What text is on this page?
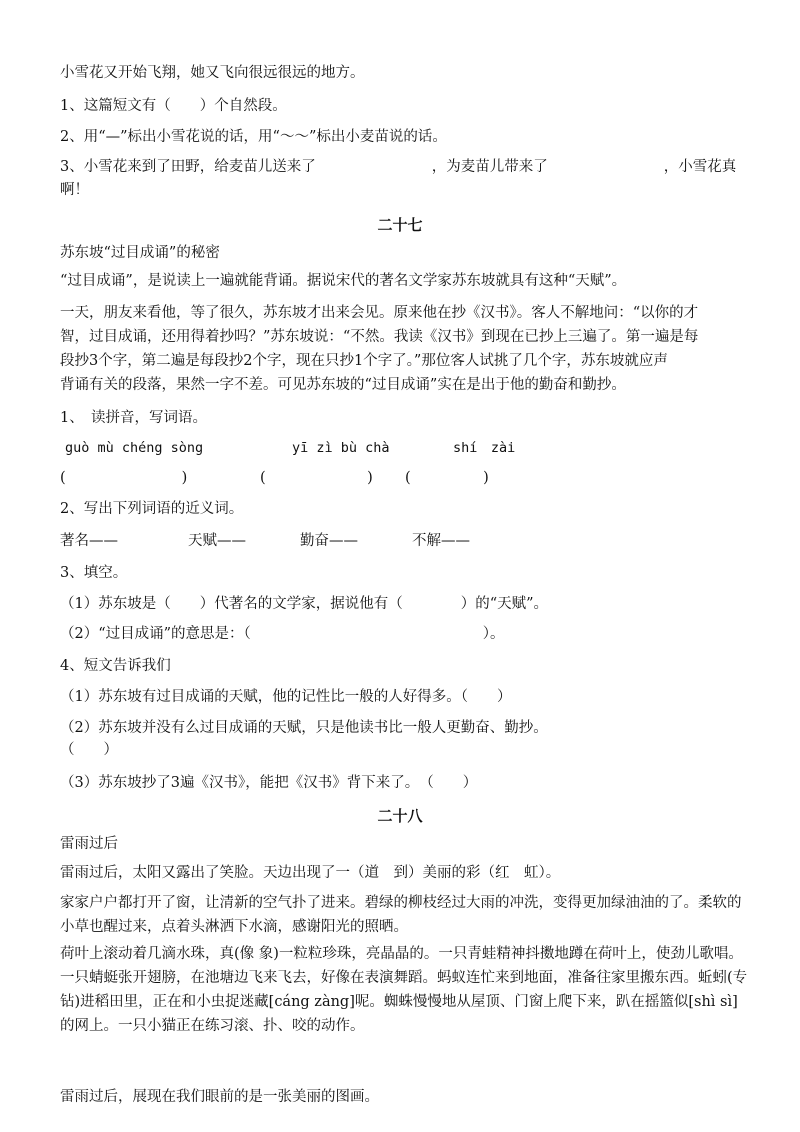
小雪花又开始飞翔，她又飞向很远很远的地方。
1、这篇短文有（　　）个自然段。
2、用“—”标出小雪花说的话，用“～～”标出小麦苗说的话。
3、小雪花来到了田野，给麦苗儿送来了　　　　　　　　，为麦苗儿带来了　　　　　　　　，小雪花真
啊！
二十七
苏东坡“过目成诵”的秘密
“过目成诵”，是说读上一遍就能背诵。据说宋代的著名文学家苏东坡就具有这种“天赋”。
一天，朋友来看他，等了很久，苏东坡才出来会见。原来他在抄《汉书》。客人不解地问：“以你的才
智，过目成诵，还用得着抄吗？”苏东坡说：“不然。我读《汉书》到现在已抄上三遍了。第一遍是每
段抄3个字，第二遍是每段抄2个字，现在只抄1个字了。”那位客人试挑了几个字，苏东坡就应声
背诵有关的段落，果然一字不差。可见苏东坡的“过目成诵”实在是出于他的勤奋和勤抄。
1、　读拼音，写词语。
guò mù chéng sòng	yī zì bù chà	shí　zài
(　　　　　　　　)	(　　　　　　　) (　　　　　)
2、写出下列词语的近义词。
著名——	天赋——	勤奋——	不解——
3、填空。
（1）苏东坡是（　　）代著名的文学家，据说他有（　　　　）的“天赋”。
（2）“过目成诵”的意思是：（　　　　　　　　　　　　　　　　）。
4、短文告诉我们
（1）苏东坡有过目成诵的天赋，他的记性比一般的人好得多。（　　）
（2）苏东坡并没有么过目成诵的天赋，只是他读书比一般人更勤奋、勤抄。
（　　）
（3）苏东坡抄了3遍《汉书》，能把《汉书》背下来了。　（　　）
二十八
雷雨过后
雷雨过后，太阳又露出了笑脸。天边出现了一（道　到）美丽的彩（红　虹）。
家家户户都打开了窗，让清新的空气扑了进来。碧绿的柳枝经过大雨的冲洗，变得更加绿油油的了。柔软的小草也醒过来，点着头淋洒下水滴，感谢阳光的照晒。
荷叶上滚动着几滴水珠，真(像 象)一粒粒珍珠，亮晶晶的。一只青蛙精神抖擞地蹲在荷叶上，使劲儿歌唱。一只蜻蜓张开翅膀，在池塘边飞来飞去，好像在表演舞蹈。蚂蚁连忙来到地面，准备往家里搬东西。蚯蚓(专 钻)进稻田里，正在和小虫捉迷藏[cáng zàng]呢。蜘蛛慢慢地从屋顶、门窗上爬下来，趴在摇篮似[shì sì]的网上。一只小猫正在练习滚、扑、咬的动作。
雷雨过后，展现在我们眼前的是一张美丽的图画。
